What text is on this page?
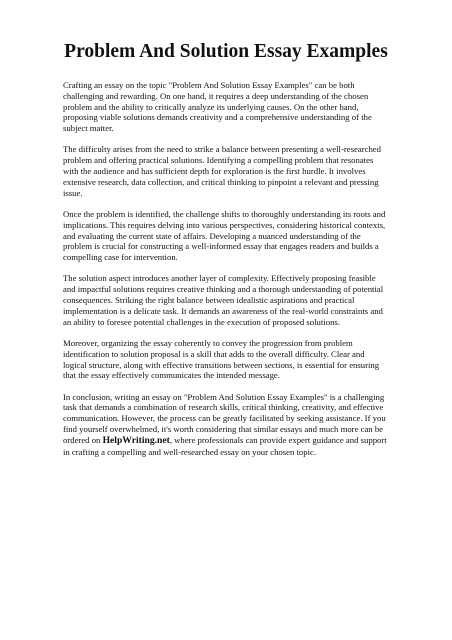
Problem And Solution Essay Examples

Crafting an essay on the topic "Problem And Solution Essay Examples" can be both challenging and rewarding. On one hand, it requires a deep understanding of the chosen problem and the ability to critically analyze its underlying causes. On the other hand, proposing viable solutions demands creativity and a comprehensive understanding of the subject matter.

The difficulty arises from the need to strike a balance between presenting a well-researched problem and offering practical solutions. Identifying a compelling problem that resonates with the audience and has sufficient depth for exploration is the first hurdle. It involves extensive research, data collection, and critical thinking to pinpoint a relevant and pressing issue.

Once the problem is identified, the challenge shifts to thoroughly understanding its roots and implications. This requires delving into various perspectives, considering historical contexts, and evaluating the current state of affairs. Developing a nuanced understanding of the problem is crucial for constructing a well-informed essay that engages readers and builds a compelling case for intervention.

The solution aspect introduces another layer of complexity. Effectively proposing feasible and impactful solutions requires creative thinking and a thorough understanding of potential consequences. Striking the right balance between idealistic aspirations and practical implementation is a delicate task. It demands an awareness of the real-world constraints and an ability to foresee potential challenges in the execution of proposed solutions.

Moreover, organizing the essay coherently to convey the progression from problem identification to solution proposal is a skill that adds to the overall difficulty. Clear and logical structure, along with effective transitions between sections, is essential for ensuring that the essay effectively communicates the intended message.

In conclusion, writing an essay on "Problem And Solution Essay Examples" is a challenging task that demands a combination of research skills, critical thinking, creativity, and effective communication. However, the process can be greatly facilitated by seeking assistance. If you find yourself overwhelmed, it's worth considering that similar essays and much more can be ordered on HelpWriting.net, where professionals can provide expert guidance and support in crafting a compelling and well-researched essay on your chosen topic.
